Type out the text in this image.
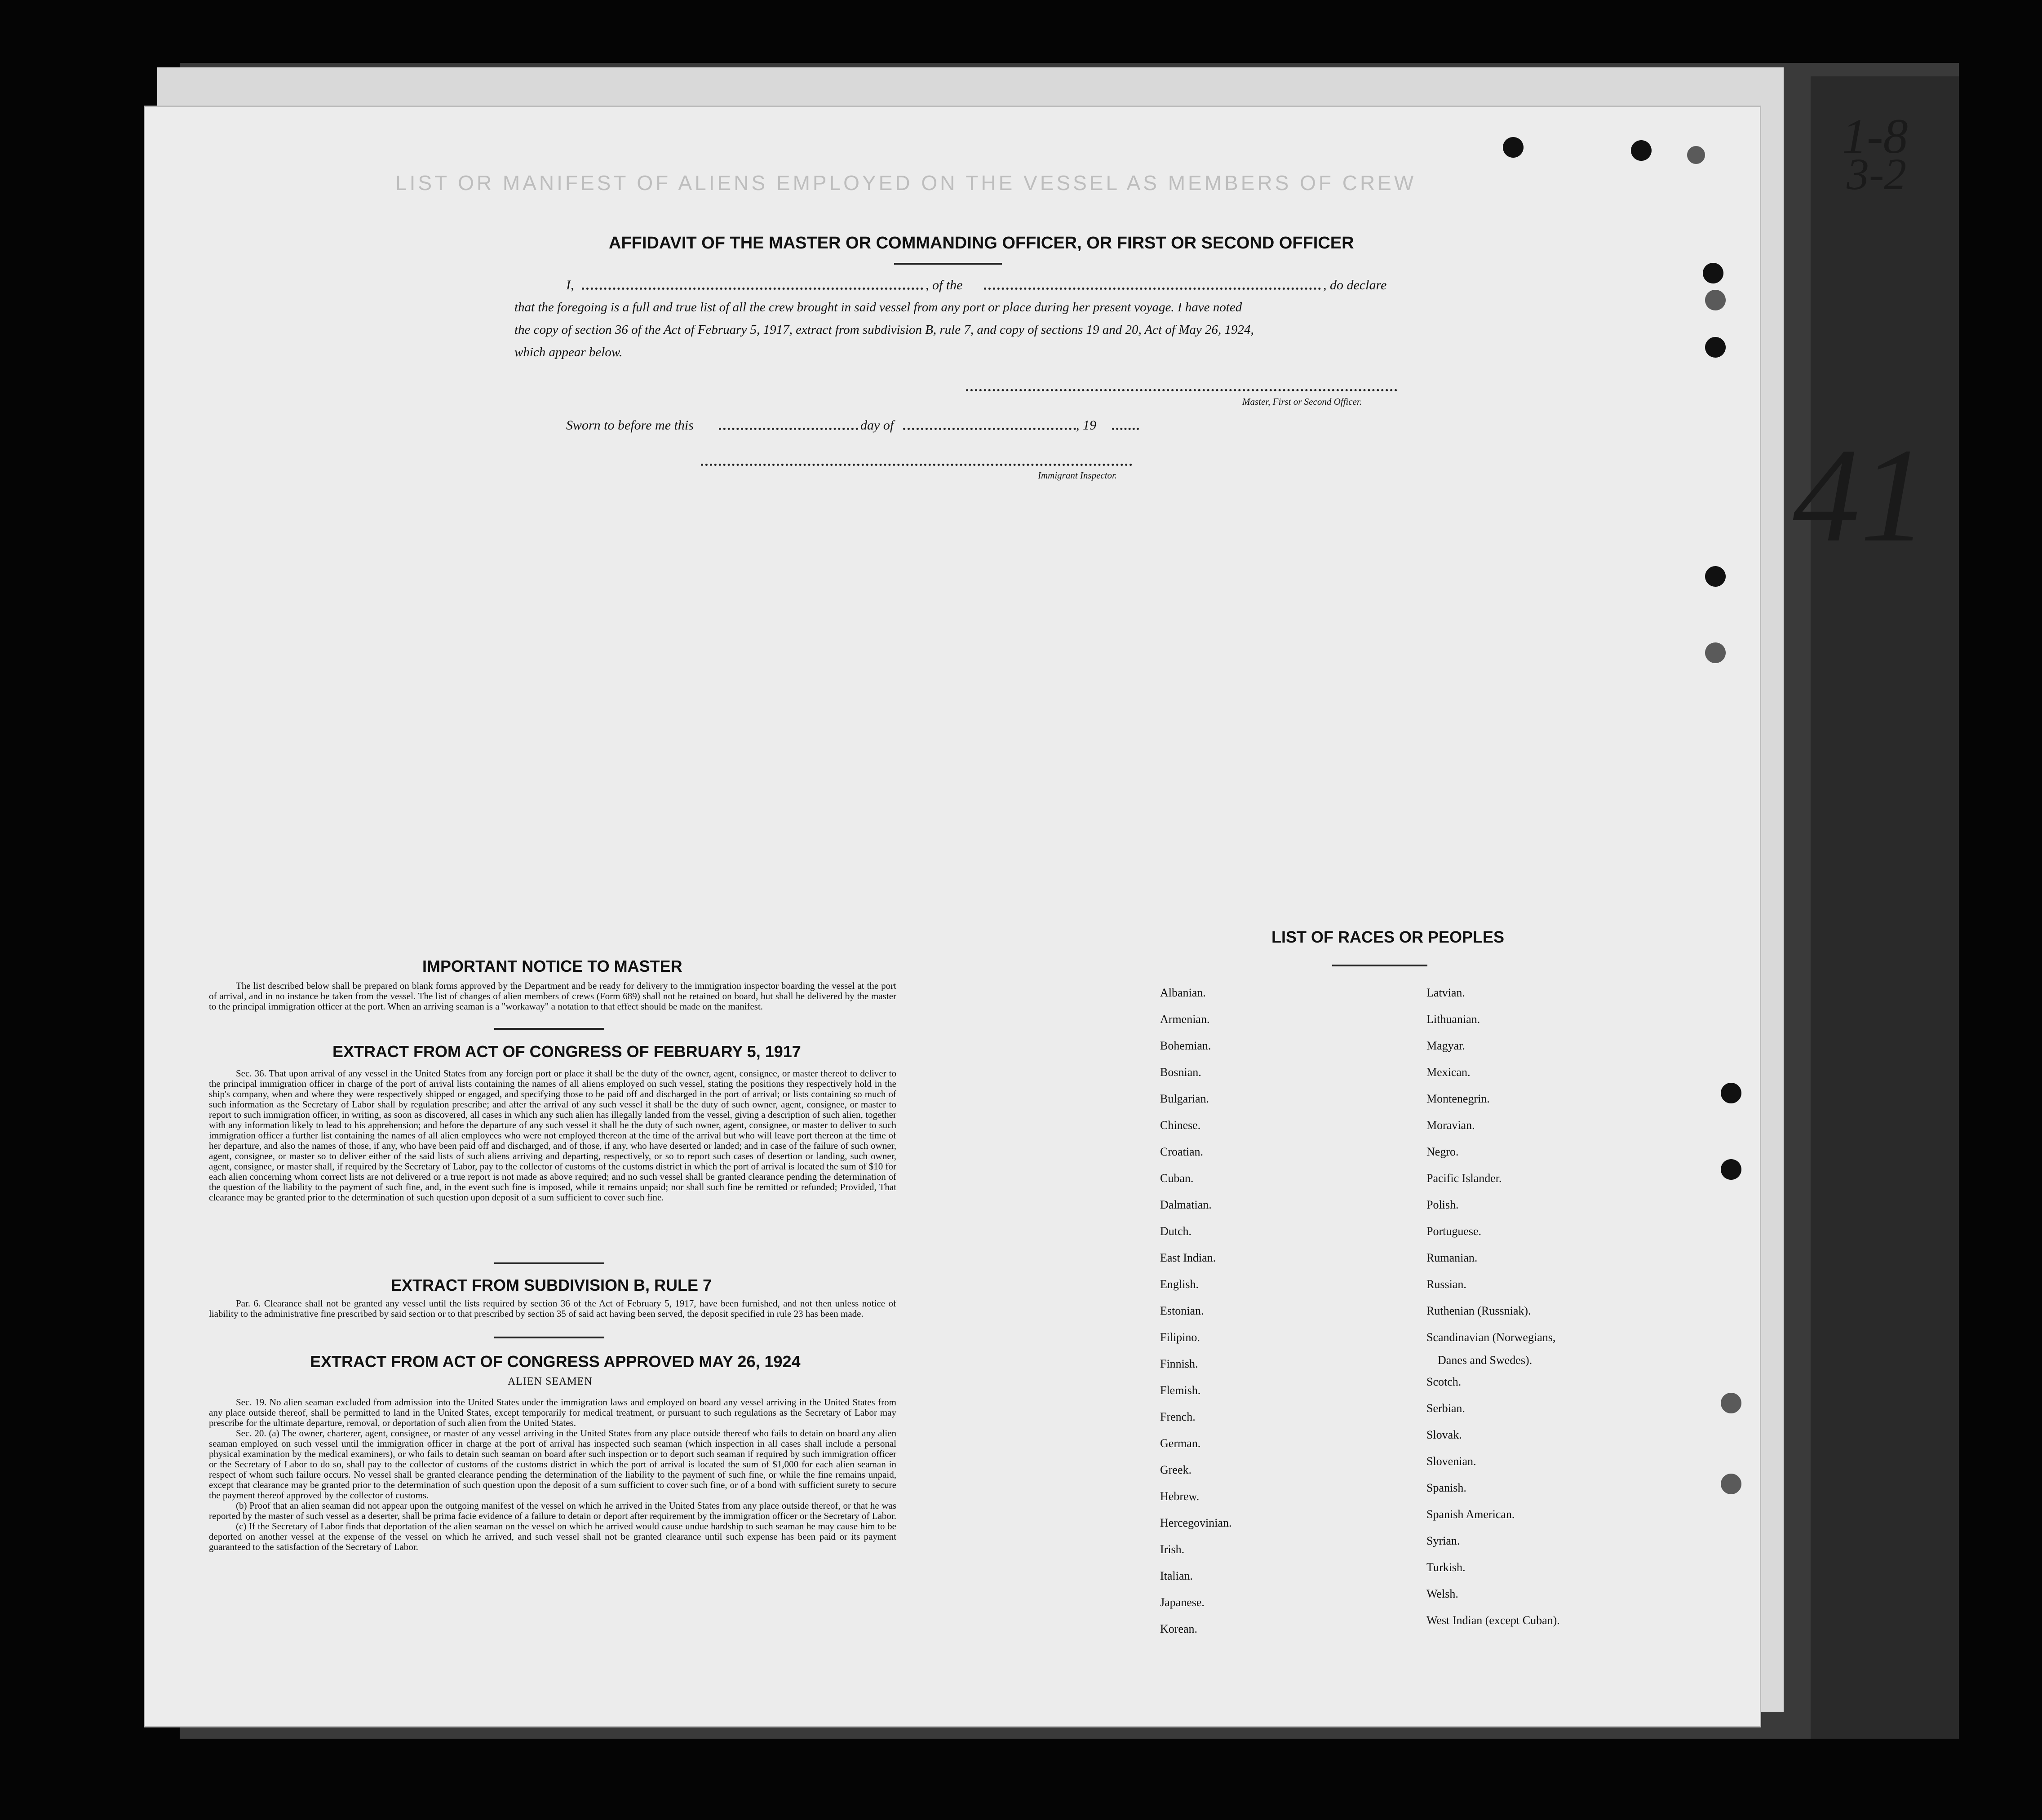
1-8
3-2
41
LIST OR MANIFEST OF ALIENS EMPLOYED ON THE VESSEL AS MEMBERS OF CREW
AFFIDAVIT OF THE MASTER OR COMMANDING OFFICER, OR FIRST OR SECOND OFFICER
I,	, of the	, do declare
that the foregoing is a full and true list of all the crew brought in said vessel from any port or place during her present voyage. I have noted
the copy of section 36 of the Act of February 5, 1917, extract from subdivision B, rule 7, and copy of sections 19 and 20, Act of May 26, 1924,
which appear below.
Master, First or Second Officer.
Sworn to before me this	day of	, 19
Immigrant Inspector.
IMPORTANT NOTICE TO MASTER

The list described below shall be prepared on blank forms approved by the Department and be ready for delivery to the immigration inspector boarding the vessel at the port of arrival, and in no instance be taken from the vessel. The list of changes of alien members of crews (Form 689) shall not be retained on board, but shall be delivered by the master to the principal immigration officer at the port. When an arriving seaman is a "workaway" a notation to that effect should be made on the manifest.

EXTRACT FROM ACT OF CONGRESS OF FEBRUARY 5, 1917

Sec. 36. That upon arrival of any vessel in the United States from any foreign port or place it shall be the duty of the owner, agent, consignee, or master thereof to deliver to the principal immigration officer in charge of the port of arrival lists containing the names of all aliens employed on such vessel, stating the positions they respectively hold in the ship's company, when and where they were respectively shipped or engaged, and specifying those to be paid off and discharged in the port of arrival; or lists containing so much of such information as the Secretary of Labor shall by regulation prescribe; and after the arrival of any such vessel it shall be the duty of such owner, agent, consignee, or master to report to such immigration officer, in writing, as soon as discovered, all cases in which any such alien has illegally landed from the vessel, giving a description of such alien, together with any information likely to lead to his apprehension; and before the departure of any such vessel it shall be the duty of such owner, agent, consignee, or master to deliver to such immigration officer a further list containing the names of all alien employees who were not employed thereon at the time of the arrival but who will leave port thereon at the time of her departure, and also the names of those, if any, who have been paid off and discharged, and of those, if any, who have deserted or landed; and in case of the failure of such owner, agent, consignee, or master so to deliver either of the said lists of such aliens arriving and departing, respectively, or so to report such cases of desertion or landing, such owner, agent, consignee, or master shall, if required by the Secretary of Labor, pay to the collector of customs of the customs district in which the port of arrival is located the sum of $10 for each alien concerning whom correct lists are not delivered or a true report is not made as above required; and no such vessel shall be granted clearance pending the determination of the question of the liability to the payment of such fine, and, in the event such fine is imposed, while it remains unpaid; nor shall such fine be remitted or refunded; Provided, That clearance may be granted prior to the determination of such question upon deposit of a sum sufficient to cover such fine.

EXTRACT FROM SUBDIVISION B, RULE 7

Par. 6. Clearance shall not be granted any vessel until the lists required by section 36 of the Act of February 5, 1917, have been furnished, and not then unless notice of liability to the administrative fine prescribed by said section or to that prescribed by section 35 of said act having been served, the deposit specified in rule 23 has been made.

EXTRACT FROM ACT OF CONGRESS APPROVED MAY 26, 1924
ALIEN SEAMEN

Sec. 19. No alien seaman excluded from admission into the United States under the immigration laws and employed on board any vessel arriving in the United States from any place outside thereof, shall be permitted to land in the United States, except temporarily for medical treatment, or pursuant to such regulations as the Secretary of Labor may prescribe for the ultimate departure, removal, or deportation of such alien from the United States.

Sec. 20. (a) The owner, charterer, agent, consignee, or master of any vessel arriving in the United States from any place outside thereof who fails to detain on board any alien seaman employed on such vessel until the immigration officer in charge at the port of arrival has inspected such seaman (which inspection in all cases shall include a personal physical examination by the medical examiners), or who fails to detain such seaman on board after such inspection or to deport such seaman if required by such immigration officer or the Secretary of Labor to do so, shall pay to the collector of customs of the customs district in which the port of arrival is located the sum of $1,000 for each alien seaman in respect of whom such failure occurs. No vessel shall be granted clearance pending the determination of the liability to the payment of such fine, or while the fine remains unpaid, except that clearance may be granted prior to the determination of such question upon the deposit of a sum sufficient to cover such fine, or of a bond with sufficient surety to secure the payment thereof approved by the collector of customs.

(b) Proof that an alien seaman did not appear upon the outgoing manifest of the vessel on which he arrived in the United States from any place outside thereof, or that he was reported by the master of such vessel as a deserter, shall be prima facie evidence of a failure to detain or deport after requirement by the immigration officer or the Secretary of Labor.

(c) If the Secretary of Labor finds that deportation of the alien seaman on the vessel on which he arrived would cause undue hardship to such seaman he may cause him to be deported on another vessel at the expense of the vessel on which he arrived, and such vessel shall not be granted clearance until such expense has been paid or its payment guaranteed to the satisfaction of the Secretary of Labor.

LIST OF RACES OR PEOPLES
Albanian.
Armenian.
Bohemian.
Bosnian.
Bulgarian.
Chinese.
Croatian.
Cuban.
Dalmatian.
Dutch.
East Indian.
English.
Estonian.
Filipino.
Finnish.
Flemish.
French.
German.
Greek.
Hebrew.
Hercegovinian.
Irish.
Italian.
Japanese.
Korean.
Latvian.
Lithuanian.
Magyar.
Mexican.
Montenegrin.
Moravian.
Negro.
Pacific Islander.
Polish.
Portuguese.
Rumanian.
Russian.
Ruthenian (Russniak).
Scandinavian (Norwegians,
Scotch.
Serbian.
Slovak.
Slovenian.
Spanish.
Spanish American.
Syrian.
Turkish.
Welsh.
West Indian (except Cuban).
Danes and Swedes).
